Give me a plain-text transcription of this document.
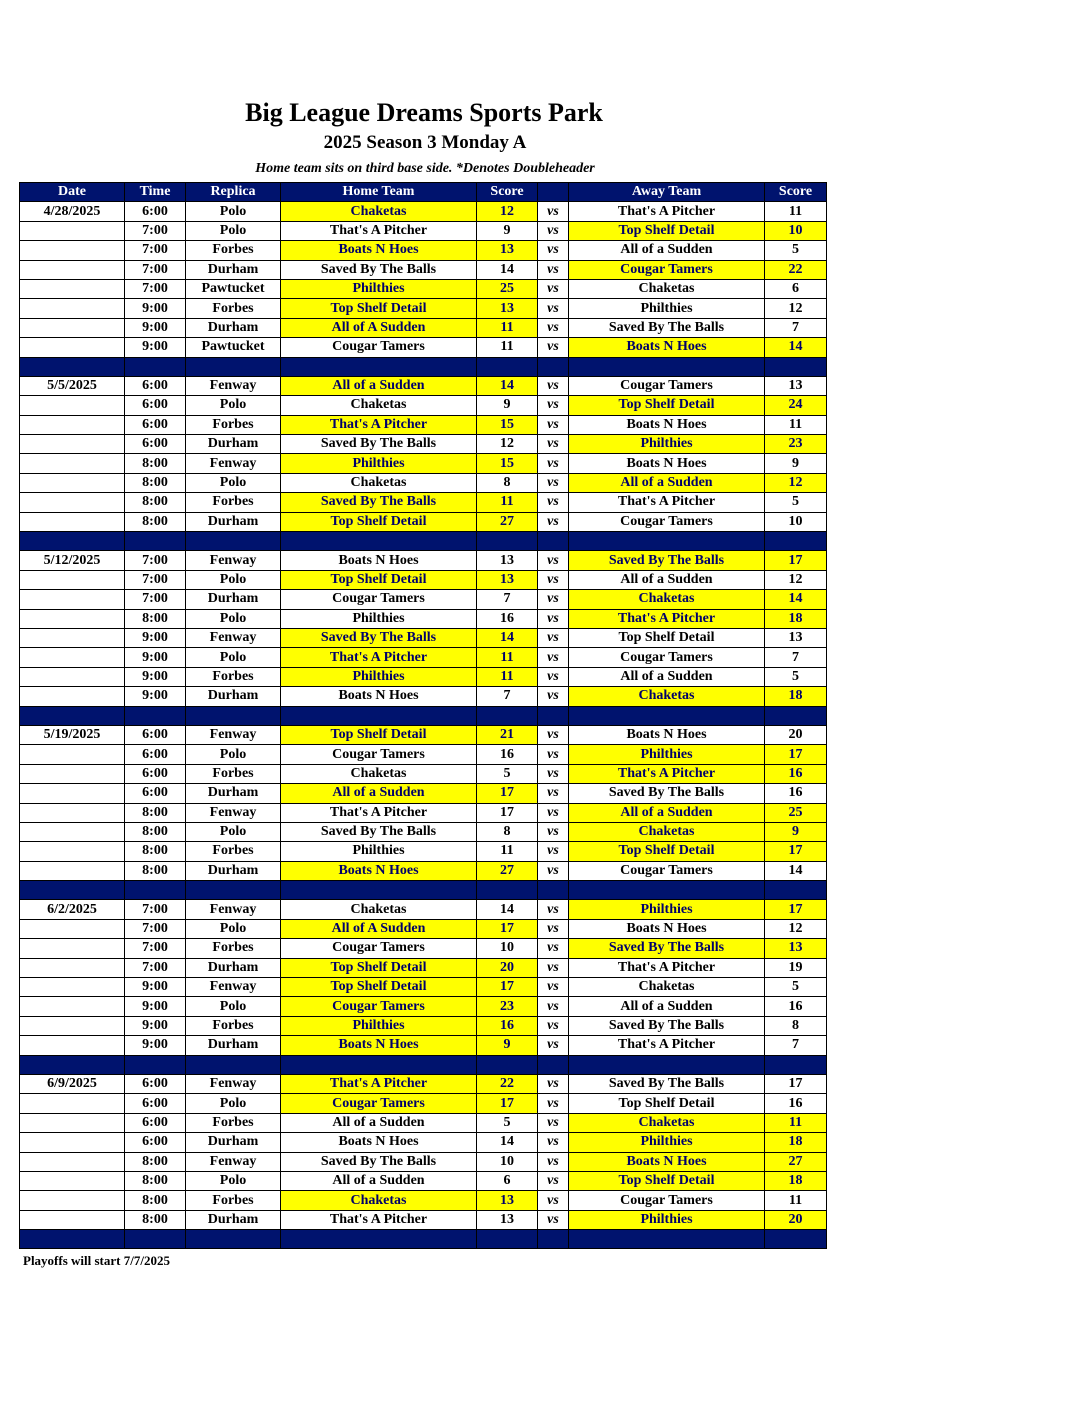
Big League Dreams Sports Park
2025 Season 3 Monday A
Home team sits on third base side. *Denotes Doubleheader
Date	Time	Replica	Home Team	Score		Away Team	Score
4/28/2025	6:00	Polo	Chaketas	12	vs	That's A Pitcher	11
	7:00	Polo	That's A Pitcher	9	vs	Top Shelf Detail	10
	7:00	Forbes	Boats N Hoes	13	vs	All of a Sudden	5
	7:00	Durham	Saved By The Balls	14	vs	Cougar Tamers	22
	7:00	Pawtucket	Philthies	25	vs	Chaketas	6
	9:00	Forbes	Top Shelf Detail	13	vs	Philthies	12
	9:00	Durham	All of A Sudden	11	vs	Saved By The Balls	7
	9:00	Pawtucket	Cougar Tamers	11	vs	Boats N Hoes	14

5/5/2025	6:00	Fenway	All of a Sudden	14	vs	Cougar Tamers	13
	6:00	Polo	Chaketas	9	vs	Top Shelf Detail	24
	6:00	Forbes	That's A Pitcher	15	vs	Boats N Hoes	11
	6:00	Durham	Saved By The Balls	12	vs	Philthies	23
	8:00	Fenway	Philthies	15	vs	Boats N Hoes	9
	8:00	Polo	Chaketas	8	vs	All of a Sudden	12
	8:00	Forbes	Saved By The Balls	11	vs	That's A Pitcher	5
	8:00	Durham	Top Shelf Detail	27	vs	Cougar Tamers	10

5/12/2025	7:00	Fenway	Boats N Hoes	13	vs	Saved By The Balls	17
	7:00	Polo	Top Shelf Detail	13	vs	All of a Sudden	12
	7:00	Durham	Cougar Tamers	7	vs	Chaketas	14
	8:00	Polo	Philthies	16	vs	That's A Pitcher	18
	9:00	Fenway	Saved By The Balls	14	vs	Top Shelf Detail	13
	9:00	Polo	That's A Pitcher	11	vs	Cougar Tamers	7
	9:00	Forbes	Philthies	11	vs	All of a Sudden	5
	9:00	Durham	Boats N Hoes	7	vs	Chaketas	18

5/19/2025	6:00	Fenway	Top Shelf Detail	21	vs	Boats N Hoes	20
	6:00	Polo	Cougar Tamers	16	vs	Philthies	17
	6:00	Forbes	Chaketas	5	vs	That's A Pitcher	16
	6:00	Durham	All of a Sudden	17	vs	Saved By The Balls	16
	8:00	Fenway	That's A Pitcher	17	vs	All of a Sudden	25
	8:00	Polo	Saved By The Balls	8	vs	Chaketas	9
	8:00	Forbes	Philthies	11	vs	Top Shelf Detail	17
	8:00	Durham	Boats N Hoes	27	vs	Cougar Tamers	14

6/2/2025	7:00	Fenway	Chaketas	14	vs	Philthies	17
	7:00	Polo	All of A Sudden	17	vs	Boats N Hoes	12
	7:00	Forbes	Cougar Tamers	10	vs	Saved By The Balls	13
	7:00	Durham	Top Shelf Detail	20	vs	That's A Pitcher	19
	9:00	Fenway	Top Shelf Detail	17	vs	Chaketas	5
	9:00	Polo	Cougar Tamers	23	vs	All of a Sudden	16
	9:00	Forbes	Philthies	16	vs	Saved By The Balls	8
	9:00	Durham	Boats N Hoes	9	vs	That's A Pitcher	7

6/9/2025	6:00	Fenway	That's A Pitcher	22	vs	Saved By The Balls	17
	6:00	Polo	Cougar Tamers	17	vs	Top Shelf Detail	16
	6:00	Forbes	All of a Sudden	5	vs	Chaketas	11
	6:00	Durham	Boats N Hoes	14	vs	Philthies	18
	8:00	Fenway	Saved By The Balls	10	vs	Boats N Hoes	27
	8:00	Polo	All of a Sudden	6	vs	Top Shelf Detail	18
	8:00	Forbes	Chaketas	13	vs	Cougar Tamers	11
	8:00	Durham	That's A Pitcher	13	vs	Philthies	20

Playoffs will start 7/7/2025
